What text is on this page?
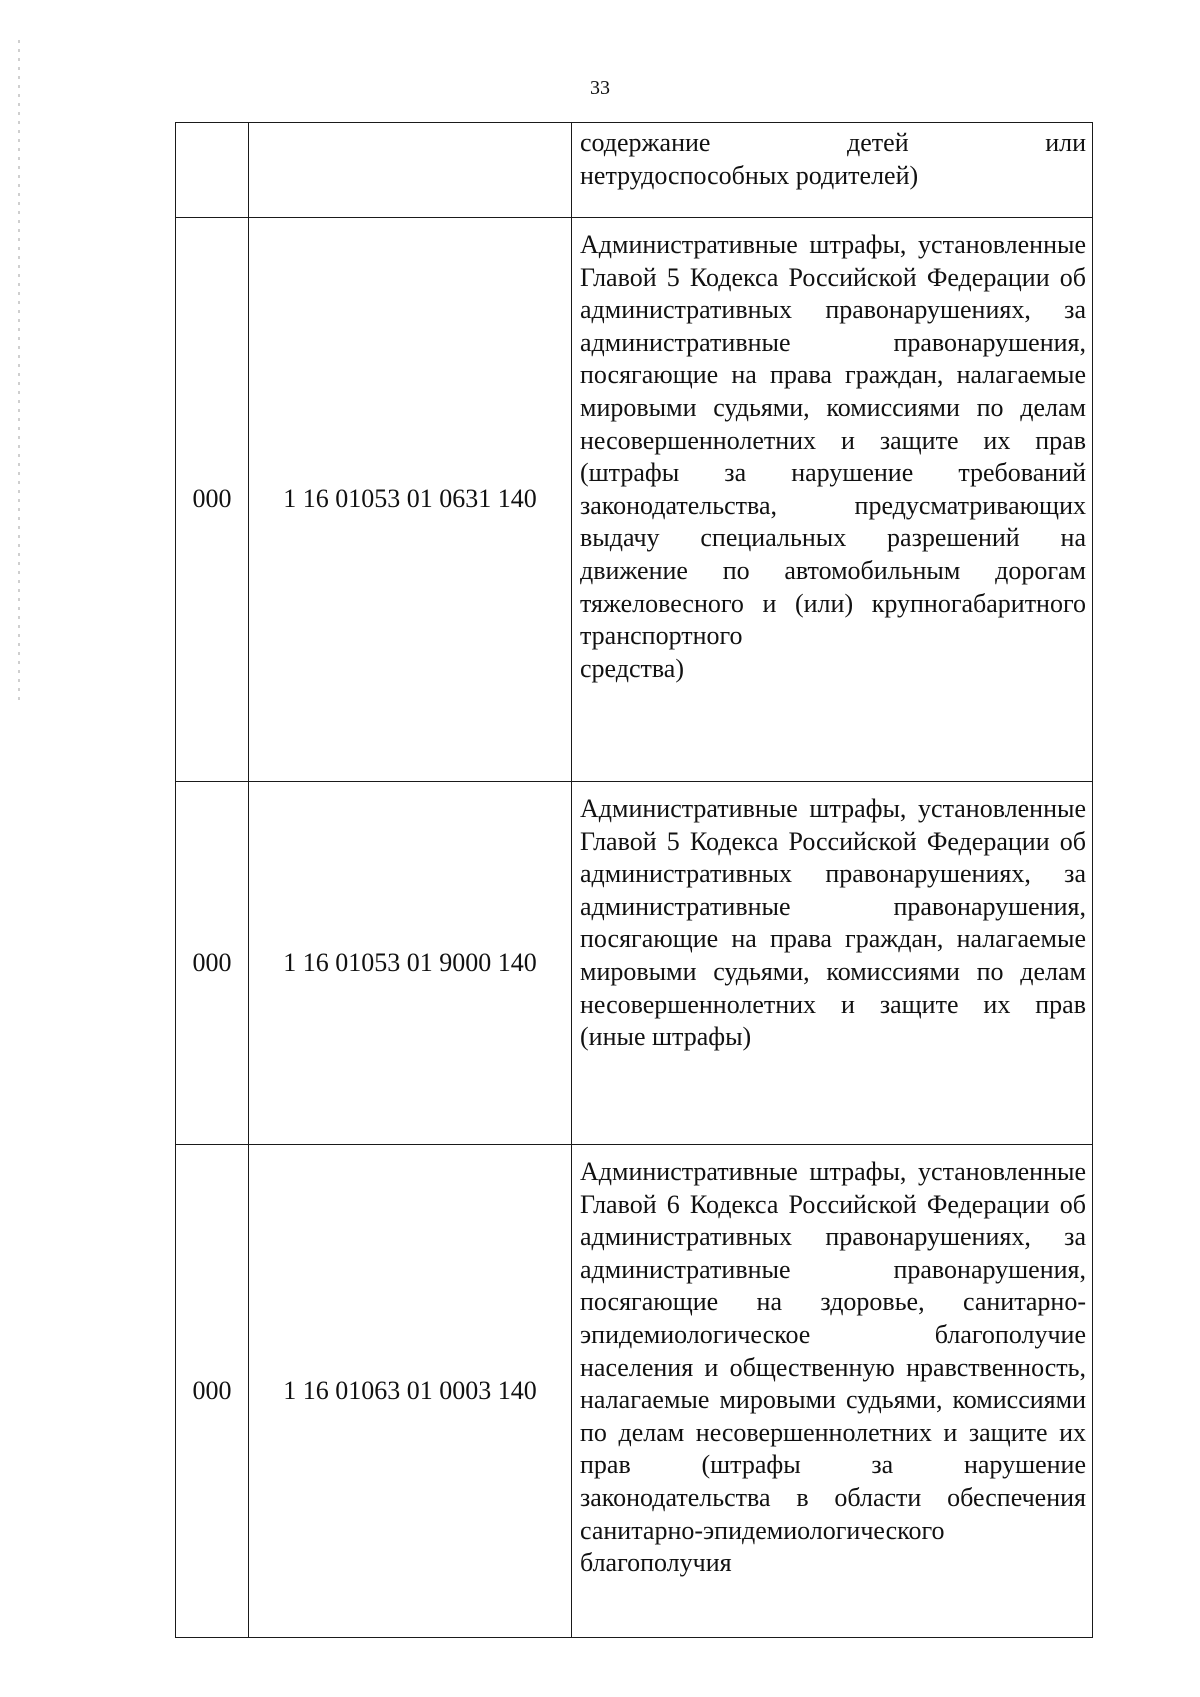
33
		содержание детей или
нетрудоспособных родителей)

000	1 16 01053 01 0631 140	Административные штрафы, установленные Главой 5 Кодекса Российской Федерации об административных правонарушениях, за административные правонарушения, посягающие на права граждан, налагаемые мировыми судьями, комиссиями по делам несовершеннолетних и защите их прав (штрафы за нарушение требований законодательства, предусматривающих выдачу специальных разрешений на движение по автомобильным дорогам тяжеловесного и (или) крупногабаритного транспортного
средства)

000	1 16 01053 01 9000 140	Административные штрафы, установленные Главой 5 Кодекса Российской Федерации об административных правонарушениях, за административные правонарушения, посягающие на права граждан, налагаемые мировыми судьями, комиссиями по делам несовершеннолетних и защите их прав
(иные штрафы)

000	1 16 01063 01 0003 140	Административные штрафы, установленные Главой 6 Кодекса Российской Федерации об административных правонарушениях, за административные правонарушения, посягающие на здоровье, санитарно-эпидемиологическое благополучие населения и общественную нравственность, налагаемые мировыми судьями, комиссиями по делам несовершеннолетних и защите их прав (штрафы за нарушение законодательства в области обеспечения санитарно-эпидемиологического благополучия
